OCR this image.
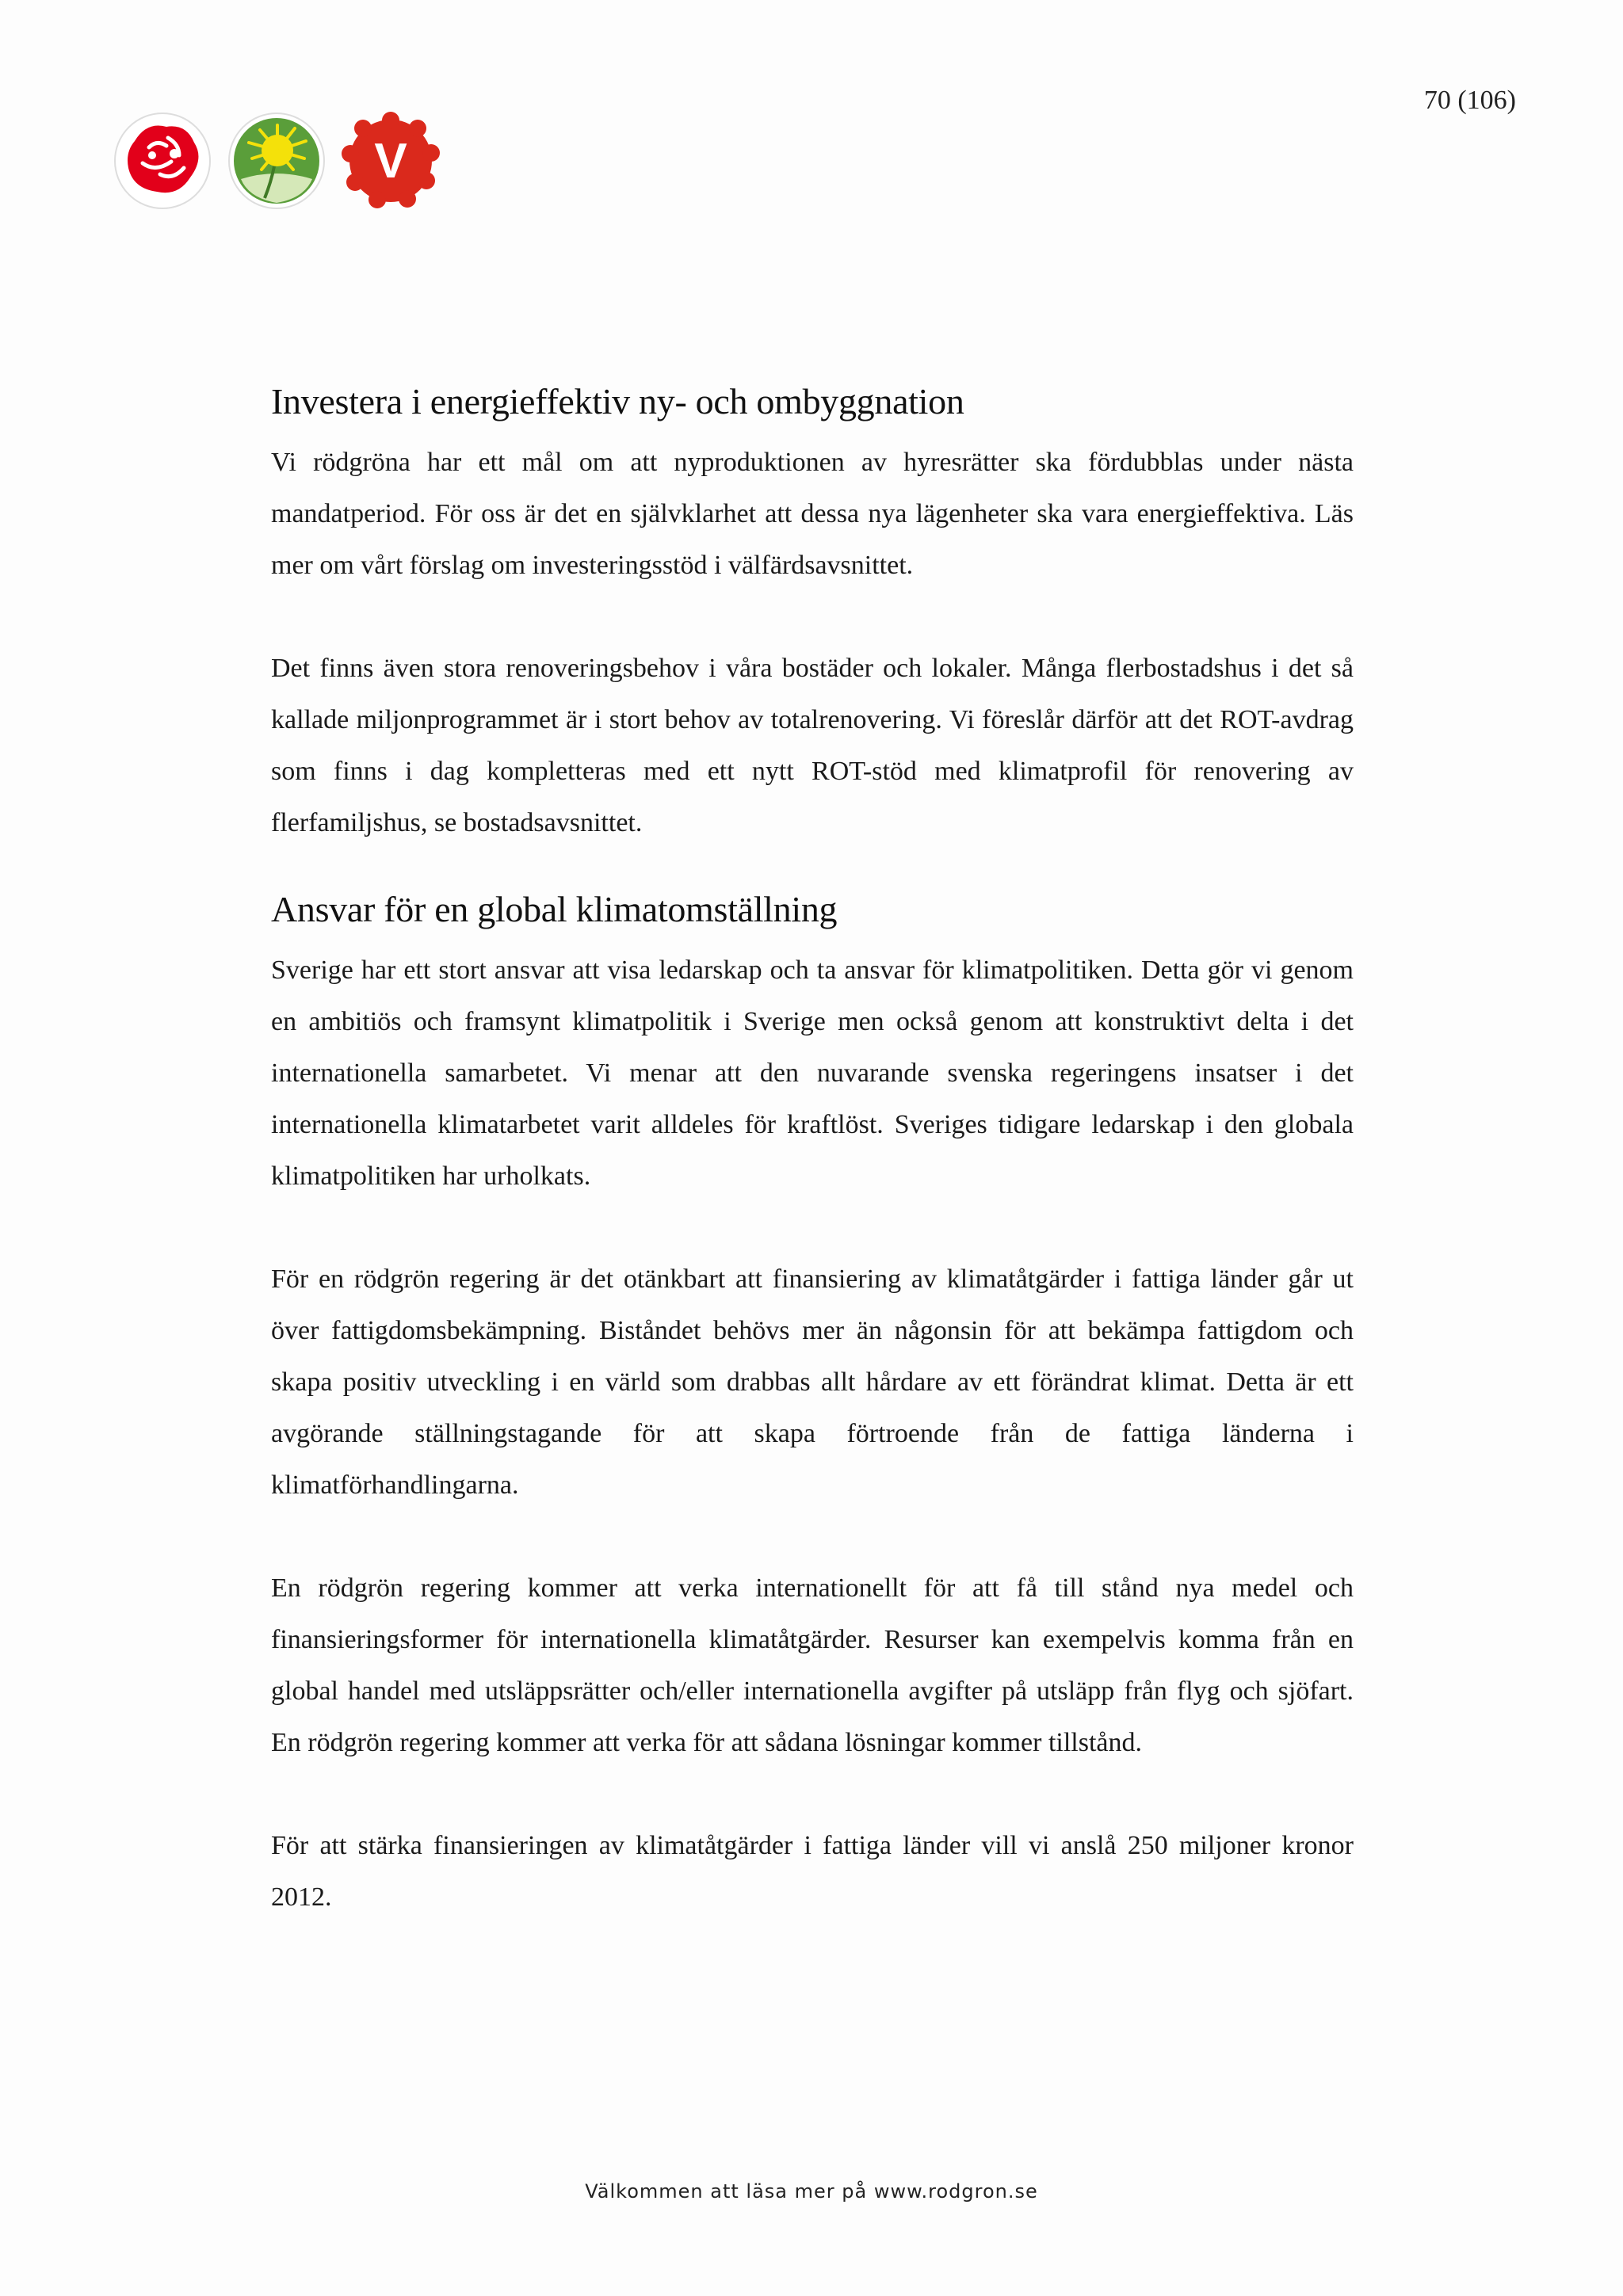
V
70 (106)
Investera i energieffektiv ny- och ombyggnation

Vi rödgröna har ett mål om att nyproduktionen av hyresrätter ska fördubblas under nästa mandatperiod. För oss är det en självklarhet att dessa nya lägenheter ska vara energieffektiva. Läs mer om vårt förslag om investeringsstöd i välfärdsavsnittet.

Det finns även stora renoveringsbehov i våra bostäder och lokaler. Många flerbostadshus i det så kallade miljonprogrammet är i stort behov av totalrenovering. Vi föreslår därför att det ROT-avdrag som finns i dag kompletteras med ett nytt ROT-stöd med klimatprofil för renovering av flerfamiljshus, se bostadsavsnittet.

Ansvar för en global klimatomställning

Sverige har ett stort ansvar att visa ledarskap och ta ansvar för klimatpolitiken. Detta gör vi genom en ambitiös och framsynt klimatpolitik i Sverige men också genom att konstruktivt delta i det internationella samarbetet. Vi menar att den nuvarande svenska regeringens insatser i det internationella klimatarbetet varit alldeles för kraftlöst. Sveriges tidigare ledarskap i den globala klimatpolitiken har urholkats.

För en rödgrön regering är det otänkbart att finansiering av klimatåtgärder i fattiga länder går ut över fattigdomsbekämpning. Biståndet behövs mer än någonsin för att bekämpa fattigdom och skapa positiv utveckling i en värld som drabbas allt hårdare av ett förändrat klimat. Detta är ett avgörande ställningstagande för att skapa förtroende från de fattiga länderna i klimatförhandlingarna.

En rödgrön regering kommer att verka internationellt för att få till stånd nya medel och finansieringsformer för internationella klimatåtgärder. Resurser kan exempelvis komma från en global handel med utsläppsrätter och/eller internationella avgifter på utsläpp från flyg och sjöfart. En rödgrön regering kommer att verka för att sådana lösningar kommer tillstånd.

För att stärka finansieringen av klimatåtgärder i fattiga länder vill vi anslå 250 miljoner kronor 2012.

Välkommen att läsa mer på www.rodgron.se
